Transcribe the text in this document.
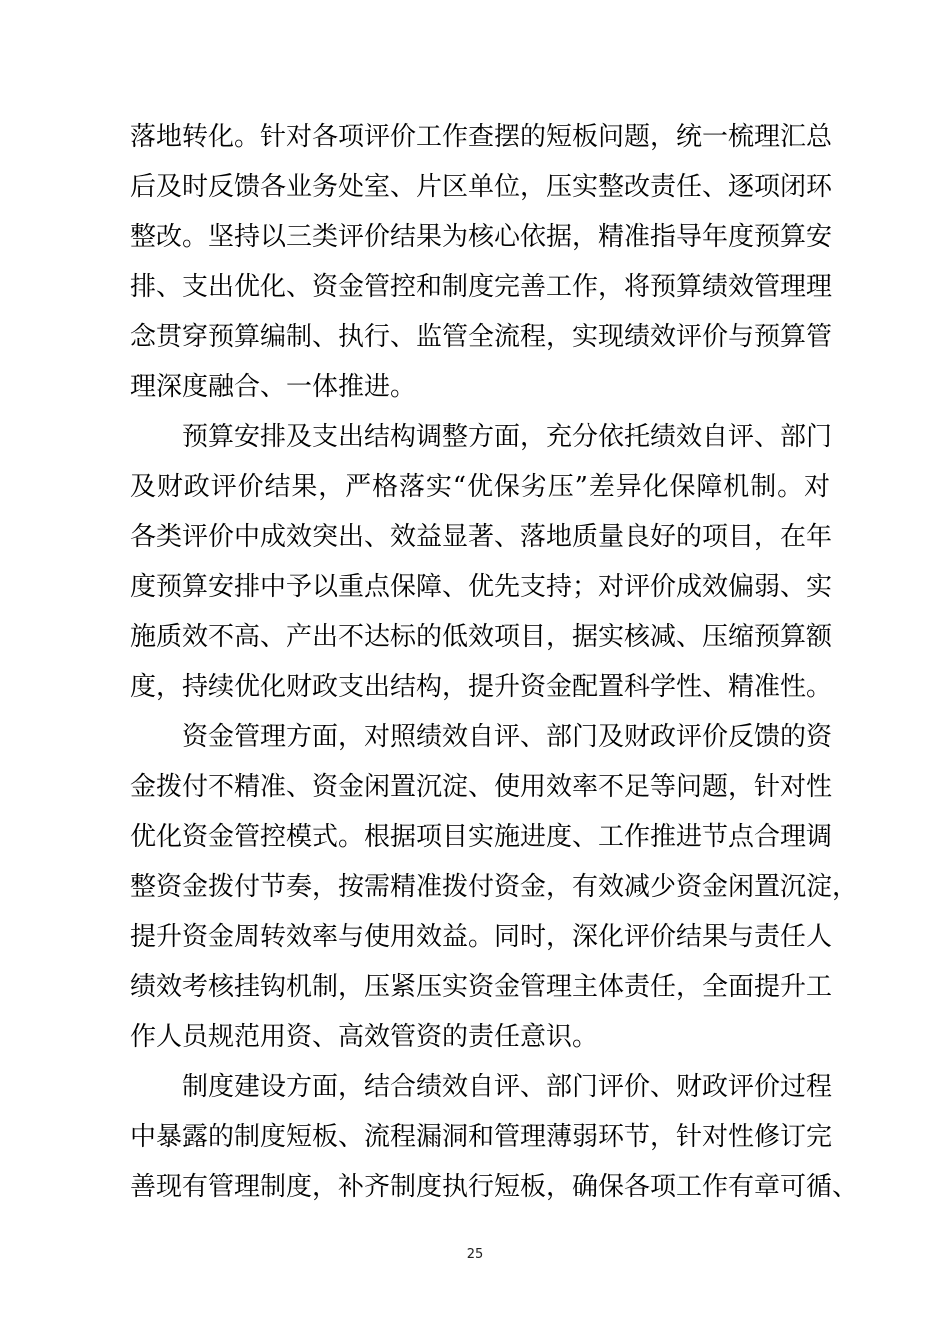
落地转化。针对各项评价工作查摆的短板问题，统一梳理汇总
后及时反馈各业务处室、片区单位，压实整改责任、逐项闭环
整改。坚持以三类评价结果为核心依据，精准指导年度预算安
排、支出优化、资金管控和制度完善工作，将预算绩效管理理
念贯穿预算编制、执行、监管全流程，实现绩效评价与预算管
理深度融合、一体推进。
预算安排及支出结构调整方面，充分依托绩效自评、部门
及财政评价结果，严格落实“优保劣压”差异化保障机制。对
各类评价中成效突出、效益显著、落地质量良好的项目，在年
度预算安排中予以重点保障、优先支持；对评价成效偏弱、实
施质效不高、产出不达标的低效项目，据实核减、压缩预算额
度，持续优化财政支出结构，提升资金配置科学性、精准性。
资金管理方面，对照绩效自评、部门及财政评价反馈的资
金拨付不精准、资金闲置沉淀、使用效率不足等问题，针对性
优化资金管控模式。根据项目实施进度、工作推进节点合理调
整资金拨付节奏，按需精准拨付资金，有效减少资金闲置沉淀，
提升资金周转效率与使用效益。同时，深化评价结果与责任人
绩效考核挂钩机制，压紧压实资金管理主体责任，全面提升工
作人员规范用资、高效管资的责任意识。
制度建设方面，结合绩效自评、部门评价、财政评价过程
中暴露的制度短板、流程漏洞和管理薄弱环节，针对性修订完
善现有管理制度，补齐制度执行短板，确保各项工作有章可循、
25
